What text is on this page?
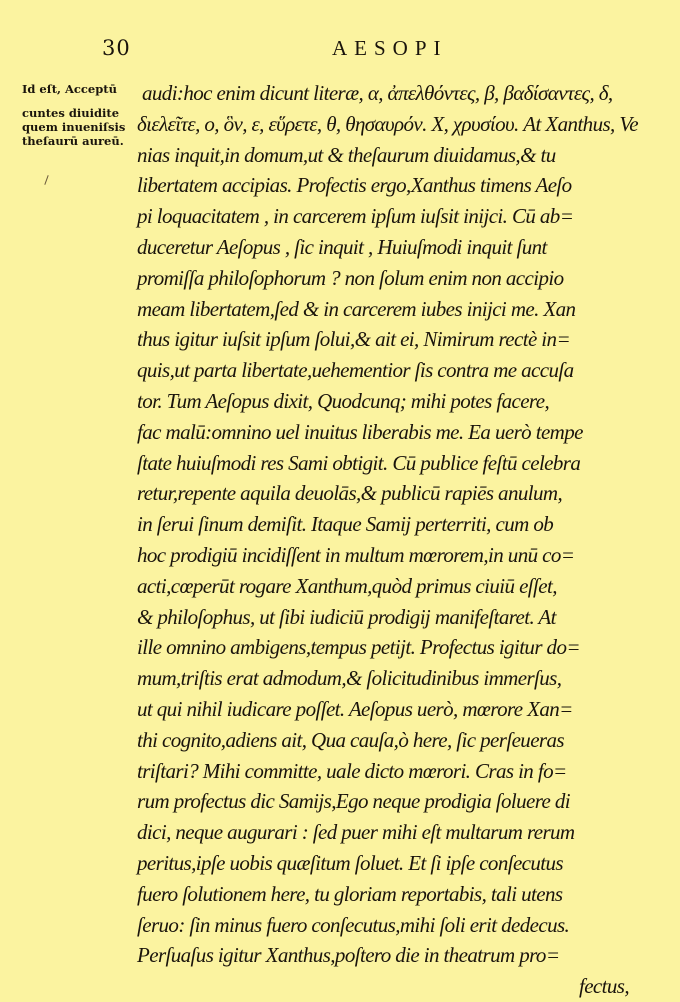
30	AESOPI
Id eſt, Acceptū
cuntes diuidite
quem inueniſsis
theſaurū aureū.
audi:hoc enim dicunt literæ, α, ἀπελθόντες, β, βαδίσαντες, δ,
διελεῖτε, ο, ὃν, ε, εὕρετε, θ, θησαυρόν. X, χρυσίου. At Xanthus, Ve
nias inquit,in domum,ut & theſaurum diuidamus,& tu
libertatem accipias. Profectis ergo,Xanthus timens Aeſo
pi loquacitatem , in carcerem ipſum iuſsit inijci. Cū ab=
duceretur Aeſopus , ſic inquit , Huiuſmodi inquit ſunt
promiſſa philoſophorum ? non ſolum enim non accipio
meam libertatem,ſed & in carcerem iubes inijci me. Xan
thus igitur iuſsit ipſum ſolui,& ait ei, Nimirum rectè in=
quis,ut parta libertate,uehementior ſis contra me accuſa
tor. Tum Aeſopus dixit, Quodcunq; mihi potes facere,
fac malū:omnino uel inuitus liberabis me. Ea uerò tempe
ſtate huiuſmodi res Sami obtigit. Cū publice feſtū celebra
retur,repente aquila deuolās,& publicū rapiēs anulum,
in ſerui ſinum demiſit. Itaque Samij perterriti, cum ob
hoc prodigiū incidiſſent in multum mœrorem,in unū co=
acti,cœperūt rogare Xanthum,quòd primus ciuiū eſſet,
& philoſophus, ut ſibi iudiciū prodigij manifeſtaret. At
ille omnino ambigens,tempus petijt. Profectus igitur do=
mum,triſtis erat admodum,& ſolicitudinibus immerſus,
ut qui nihil iudicare poſſet. Aeſopus uerò, mœrore Xan=
thi cognito,adiens ait, Qua cauſa,ò here, ſic perſeueras
triſtari? Mihi committe, uale dicto mœrori. Cras in fo=
rum profectus dic Samijs,Ego neque prodigia ſoluere di
dici, neque augurari : ſed puer mihi eſt multarum rerum
peritus,ipſe uobis quæſitum ſoluet. Et ſi ipſe conſecutus
fuero ſolutionem here, tu gloriam reportabis, tali utens
ſeruo: ſin minus fuero conſecutus,mihi ſoli erit dedecus.
Perſuaſus igitur Xanthus,poſtero die in theatrum pro=
fectus,
